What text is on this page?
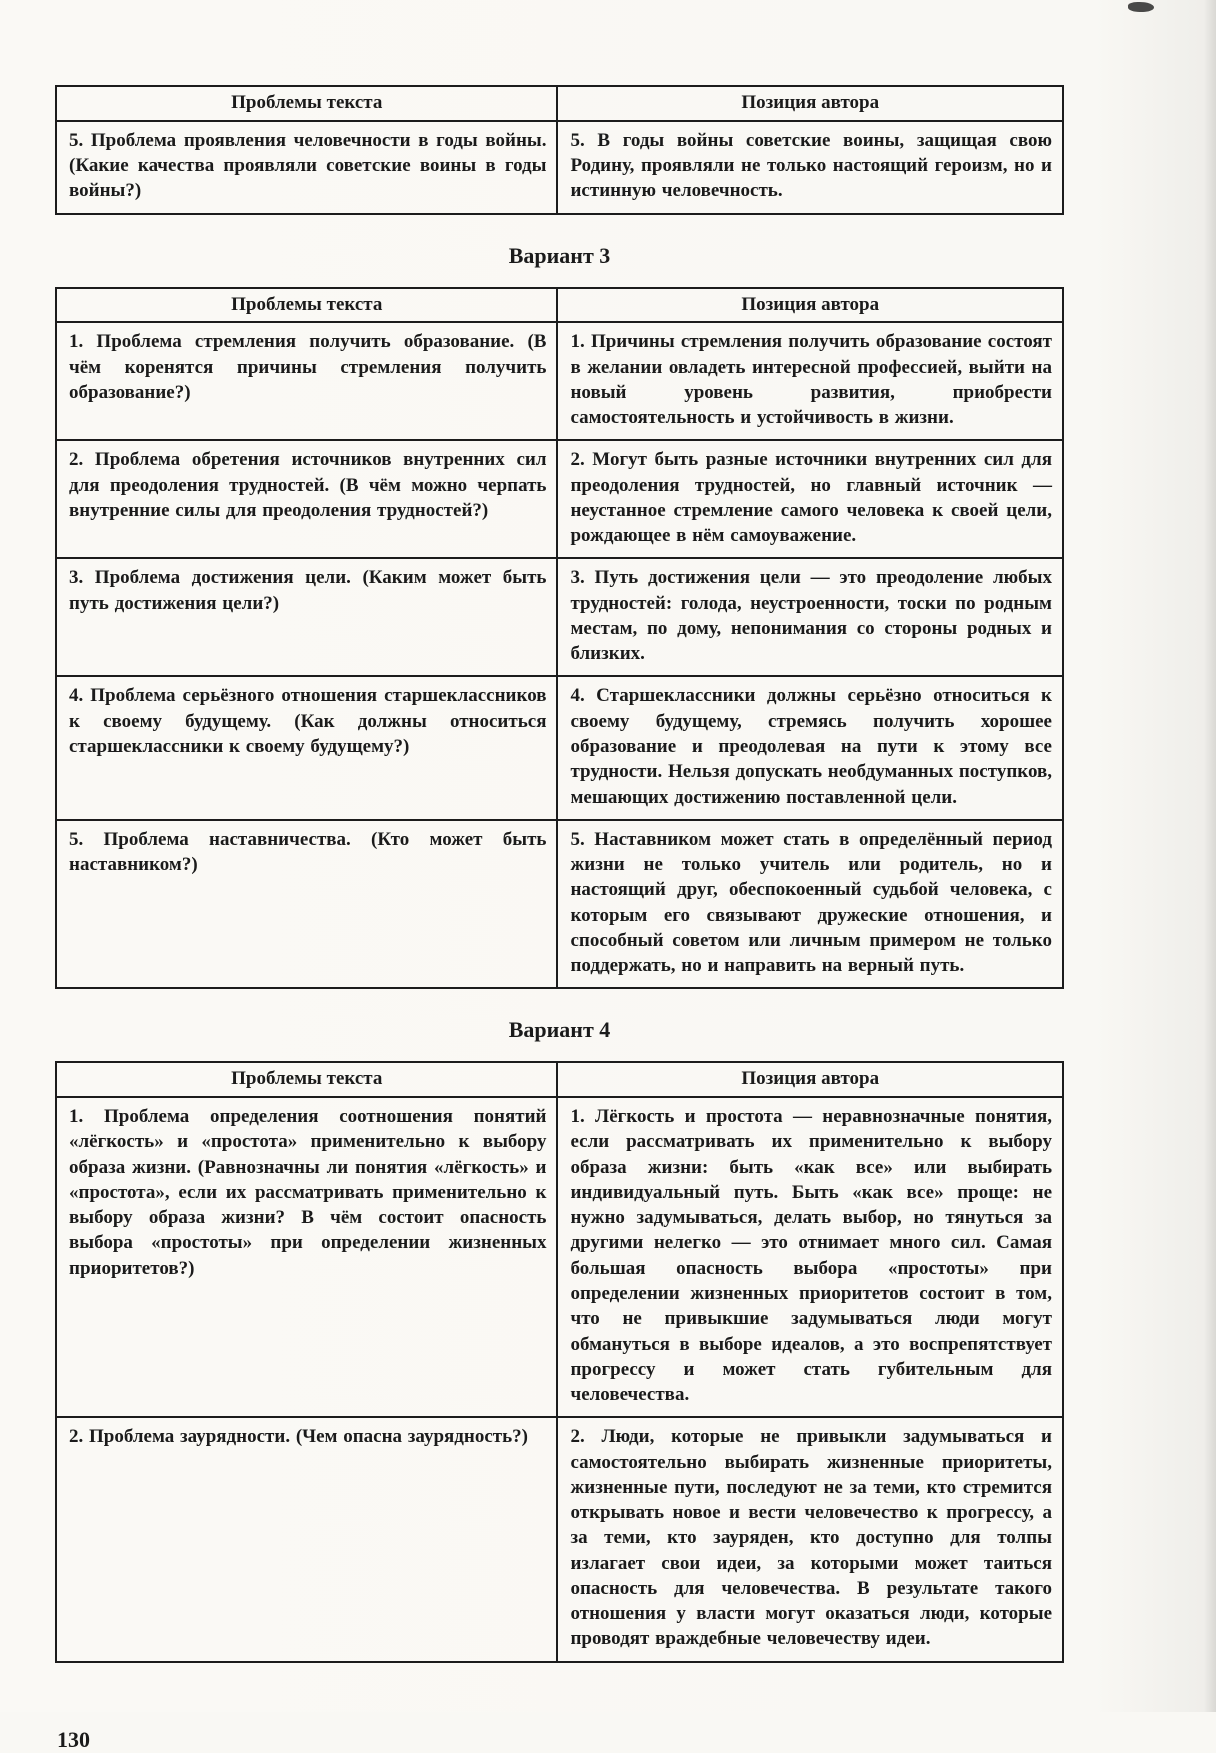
Проблемы текста	Позиция автора
5. Проблема проявления человечности в годы войны. (Какие качества проявляли советские воины в годы войны?)	5. В годы войны советские воины, защищая свою Родину, проявляли не только настоящий героизм, но и истинную человечность.
Вариант 3
Проблемы текста	Позиция автора
1. Проблема стремления получить образование. (В чём коренятся причины стремления получить образование?)	1. Причины стремления получить образование состоят в желании овладеть интересной профессией, выйти на новый уровень развития, приобрести самостоятельность и устойчивость в жизни.
2. Проблема обретения источников внутренних сил для преодоления трудностей. (В чём можно черпать внутренние силы для преодоления трудностей?)	2. Могут быть разные источники внутренних сил для преодоления трудностей, но главный источник — неустанное стремление самого человека к своей цели, рождающее в нём самоуважение.
3. Проблема достижения цели. (Каким может быть путь достижения цели?)	3. Путь достижения цели — это преодоление любых трудностей: голода, неустроенности, тоски по родным местам, по дому, непонимания со стороны родных и близких.
4. Проблема серьёзного отношения старшеклассников к своему будущему. (Как должны относиться старшеклассники к своему будущему?)	4. Старшеклассники должны серьёзно относиться к своему будущему, стремясь получить хорошее образование и преодолевая на пути к этому все трудности. Нельзя допускать необдуманных поступков, мешающих достижению поставленной цели.
5. Проблема наставничества. (Кто может быть наставником?)	5. Наставником может стать в определённый период жизни не только учитель или родитель, но и настоящий друг, обеспокоенный судьбой человека, с которым его связывают дружеские отношения, и способный советом или личным примером не только поддержать, но и направить на верный путь.
Вариант 4
Проблемы текста	Позиция автора
1. Проблема определения соотношения понятий «лёгкость» и «простота» применительно к выбору образа жизни. (Равнозначны ли понятия «лёгкость» и «простота», если их рассматривать применительно к выбору образа жизни? В чём состоит опасность выбора «простоты» при определении жизненных приоритетов?)	1. Лёгкость и простота — неравнозначные понятия, если рассматривать их применительно к выбору образа жизни: быть «как все» или выбирать индивидуальный путь. Быть «как все» проще: не нужно задумываться, делать выбор, но тянуться за другими нелегко — это отнимает много сил. Самая большая опасность выбора «простоты» при определении жизненных приоритетов состоит в том, что не привыкшие задумываться люди могут обмануться в выборе идеалов, а это воспрепятствует прогрессу и может стать губительным для человечества.
2. Проблема заурядности. (Чем опасна заурядность?)	2. Люди, которые не привыкли задумываться и самостоятельно выбирать жизненные приоритеты, жизненные пути, последуют не за теми, кто стремится открывать новое и вести человечество к прогрессу, а за теми, кто зауряден, кто доступно для толпы излагает свои идеи, за которыми может таиться опасность для человечества. В результате такого отношения у власти могут оказаться люди, которые проводят враждебные человечеству идеи.
130
